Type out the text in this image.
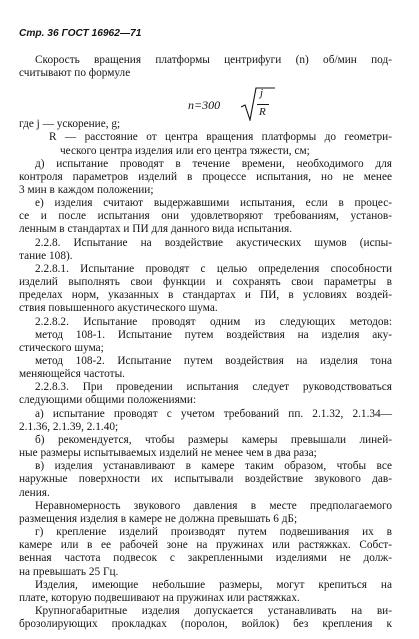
Стр. 36 ГОСТ 16962—71
n=300
j
R
Скорость вращения платформы центрифуги (n) об/мин под-
считывают по формуле
где j — ускорение, g;
R — расстояние от центра вращения платформы до геометри-
ческого центра изделия или его центра тяжести, см;
д) испытание проводят в течение времени, необходимого для
контроля параметров изделий в процессе испытания, но не менее
3 мин в каждом положении;
е) изделия считают выдержавшими испытания, если в процес-
се и после испытания они удовлетворяют требованиям, установ-
ленным в стандартах и ПИ для данного вида испытания.
2.2.8. Испытание на воздействие акустических шумов (испы-
тание 108).
2.2.8.1. Испытание проводят с целью определения способности
изделий выполнять свои функции и сохранять свои параметры в
пределах норм, указанных в стандартах и ПИ, в условиях воздей-
ствия повышенного акустического шума.
2.2.8.2. Испытание проводят одним из следующих методов:
метод 108-1. Испытание путем воздействия на изделия аку-
стического шума;
метод 108-2. Испытание путем воздействия на изделия тона
меняющейся частоты.
2.2.8.3. При проведении испытания следует руководствоваться
следующими общими положениями:
а) испытание проводят с учетом требований пп. 2.1.32, 2.1.34—
2.1.36, 2.1.39, 2.1.40;
б) рекомендуется, чтобы размеры камеры превышали линей-
ные размеры испытываемых изделий не менее чем в два раза;
в) изделия устанавливают в камере таким образом, чтобы все
наружные поверхности их испытывали воздействие звукового дав-
ления.
Неравномерность звукового давления в месте предполагаемого
размещения изделия в камере не должна превышать 6 дБ;
г) крепление изделий производят путем подвешивания их в
камере или в ее рабочей зоне на пружинах или растяжках. Собст-
венная частота подвесок с закрепленными изделиями не долж-
на превышать 25 Гц.
Изделия, имеющие небольшие размеры, могут крепиться на
плате, которую подвешивают на пружинах или растяжках.
Крупногабаритные изделия допускается устанавливать на ви-
брозолирующих прокладках (поролон, войлок) без крепления к
